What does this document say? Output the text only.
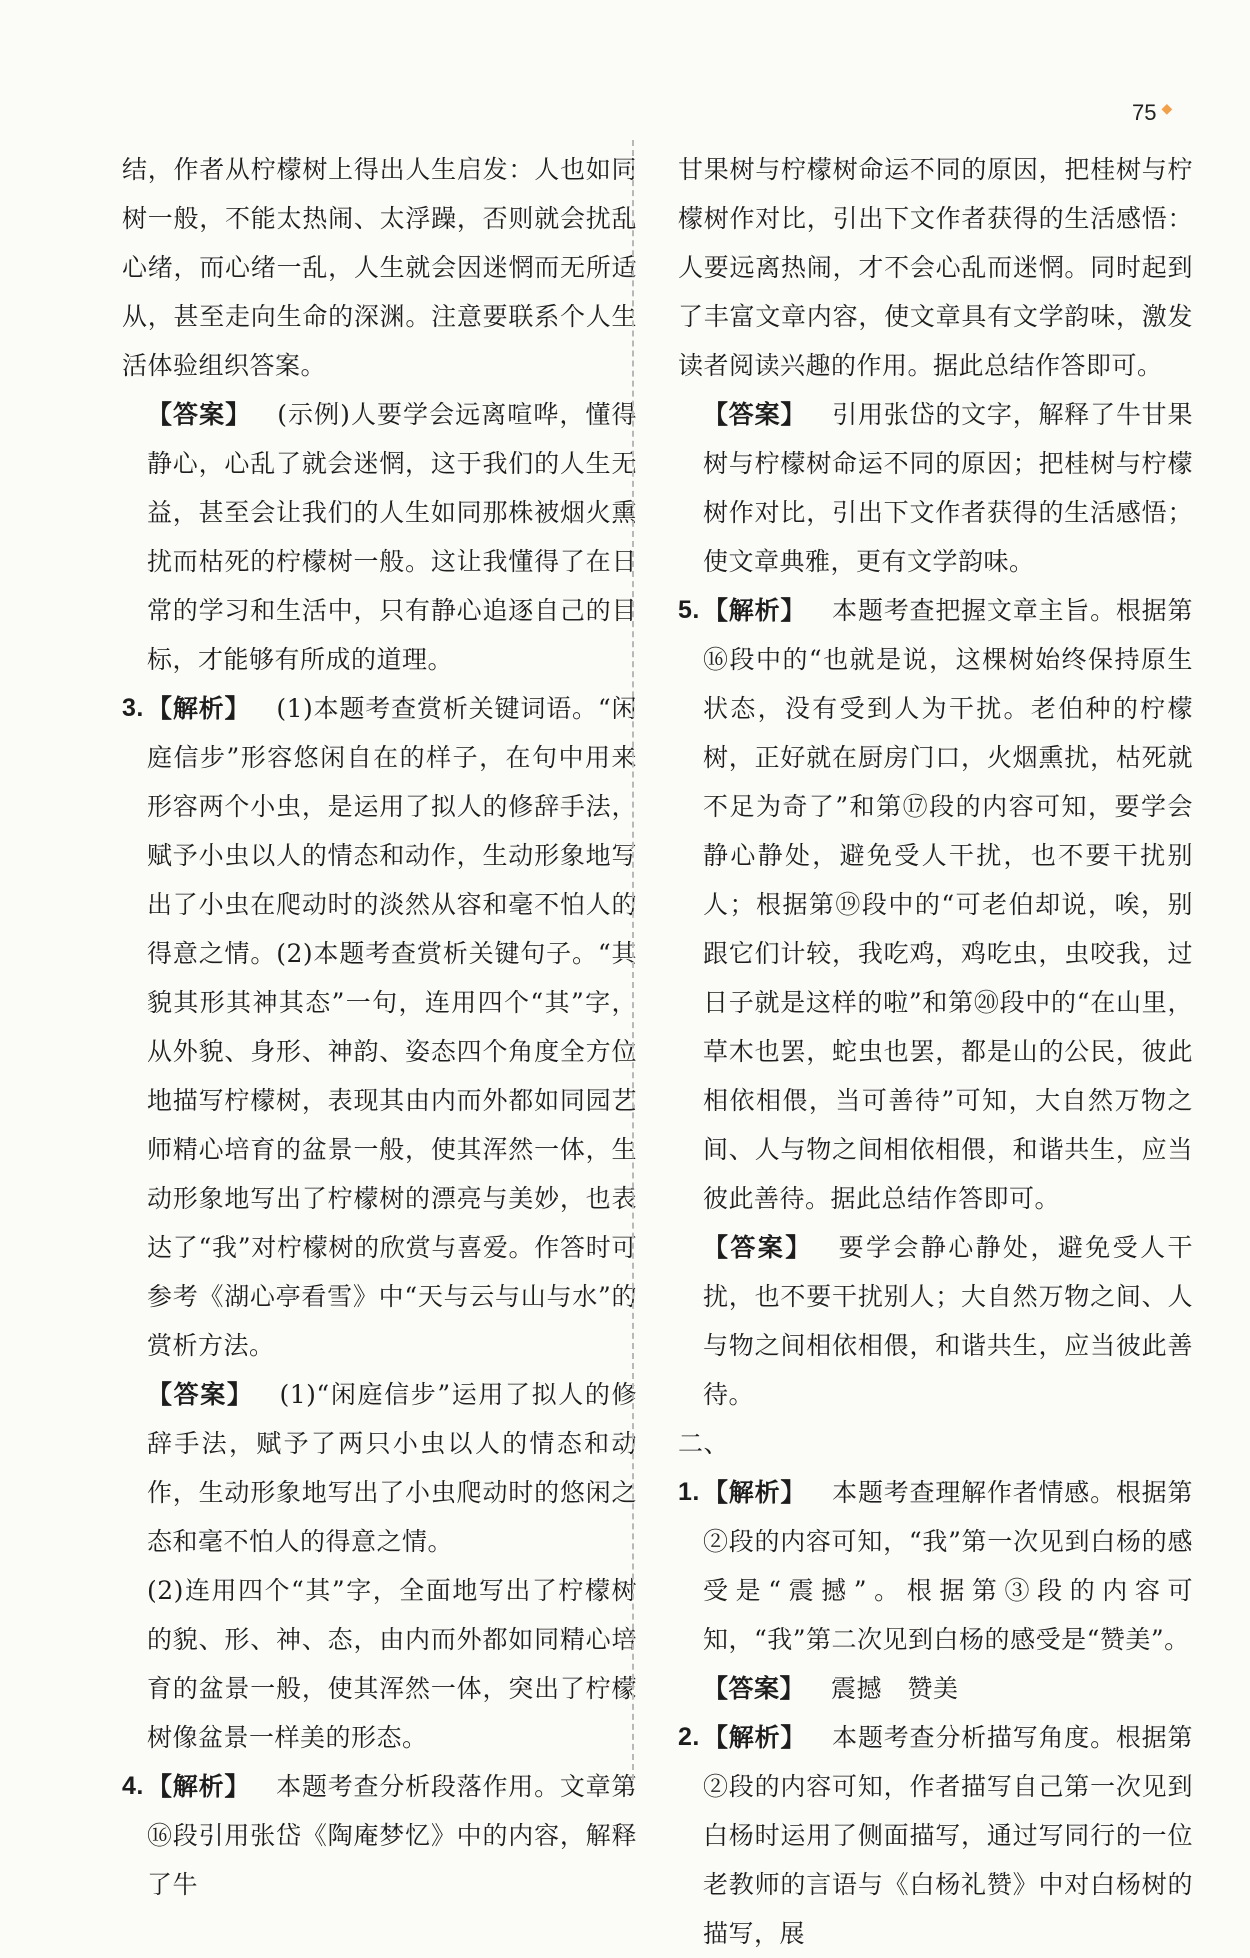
75 ◆

结，作者从柠檬树上得出人生启发：人也如同树一般，不能太热闹、太浮躁，否则就会扰乱心绪，而心绪一乱，人生就会因迷惘而无所适从，甚至走向生命的深渊。注意要联系个人生活体验组织答案。

【答案】 (示例)人要学会远离喧哗，懂得静心，心乱了就会迷惘，这于我们的人生无益，甚至会让我们的人生如同那株被烟火熏扰而枯死的柠檬树一般。这让我懂得了在日常的学习和生活中，只有静心追逐自己的目标，才能够有所成的道理。

3. 【解析】 (1)本题考查赏析关键词语。“闲庭信步”形容悠闲自在的样子，在句中用来形容两个小虫，是运用了拟人的修辞手法，赋予小虫以人的情态和动作，生动形象地写出了小虫在爬动时的淡然从容和毫不怕人的得意之情。(2)本题考查赏析关键句子。“其貌其形其神其态”一句，连用四个“其”字，从外貌、身形、神韵、姿态四个角度全方位地描写柠檬树，表现其由内而外都如同园艺师精心培育的盆景一般，使其浑然一体，生动形象地写出了柠檬树的漂亮与美妙，也表达了“我”对柠檬树的欣赏与喜爱。作答时可参考《湖心亭看雪》中“天与云与山与水”的赏析方法。

【答案】 (1)“闲庭信步”运用了拟人的修辞手法，赋予了两只小虫以人的情态和动作，生动形象地写出了小虫爬动时的悠闲之态和毫不怕人的得意之情。

(2)连用四个“其”字，全面地写出了柠檬树的貌、形、神、态，由内而外都如同精心培育的盆景一般，使其浑然一体，突出了柠檬树像盆景一样美的形态。

4. 【解析】 本题考查分析段落作用。文章第⑯段引用张岱《陶庵梦忆》中的内容，解释了牛

甘果树与柠檬树命运不同的原因，把桂树与柠檬树作对比，引出下文作者获得的生活感悟：人要远离热闹，才不会心乱而迷惘。同时起到了丰富文章内容，使文章具有文学韵味，激发读者阅读兴趣的作用。据此总结作答即可。

【答案】 引用张岱的文字，解释了牛甘果树与柠檬树命运不同的原因；把桂树与柠檬树作对比，引出下文作者获得的生活感悟；使文章典雅，更有文学韵味。

5. 【解析】 本题考查把握文章主旨。根据第⑯段中的“也就是说，这棵树始终保持原生状态，没有受到人为干扰。老伯种的柠檬树，正好就在厨房门口，火烟熏扰，枯死就不足为奇了”和第⑰段的内容可知，要学会静心静处，避免受人干扰，也不要干扰别人；根据第⑲段中的“可老伯却说，唉，别跟它们计较，我吃鸡，鸡吃虫，虫咬我，过日子就是这样的啦”和第⑳段中的“在山里，草木也罢，蛇虫也罢，都是山的公民，彼此相依相偎，当可善待”可知，大自然万物之间、人与物之间相依相偎，和谐共生，应当彼此善待。据此总结作答即可。

【答案】 要学会静心静处，避免受人干扰，也不要干扰别人；大自然万物之间、人与物之间相依相偎，和谐共生，应当彼此善待。

二、

1. 【解析】 本题考查理解作者情感。根据第②段的内容可知，“我”第一次见到白杨的感受是“震撼”。根据第③段的内容可知，“我”第二次见到白杨的感受是“赞美”。

【答案】 震撼　赞美

2. 【解析】 本题考查分析描写角度。根据第②段的内容可知，作者描写自己第一次见到白杨时运用了侧面描写，通过写同行的一位老教师的言语与《白杨礼赞》中对白杨树的描写，展
